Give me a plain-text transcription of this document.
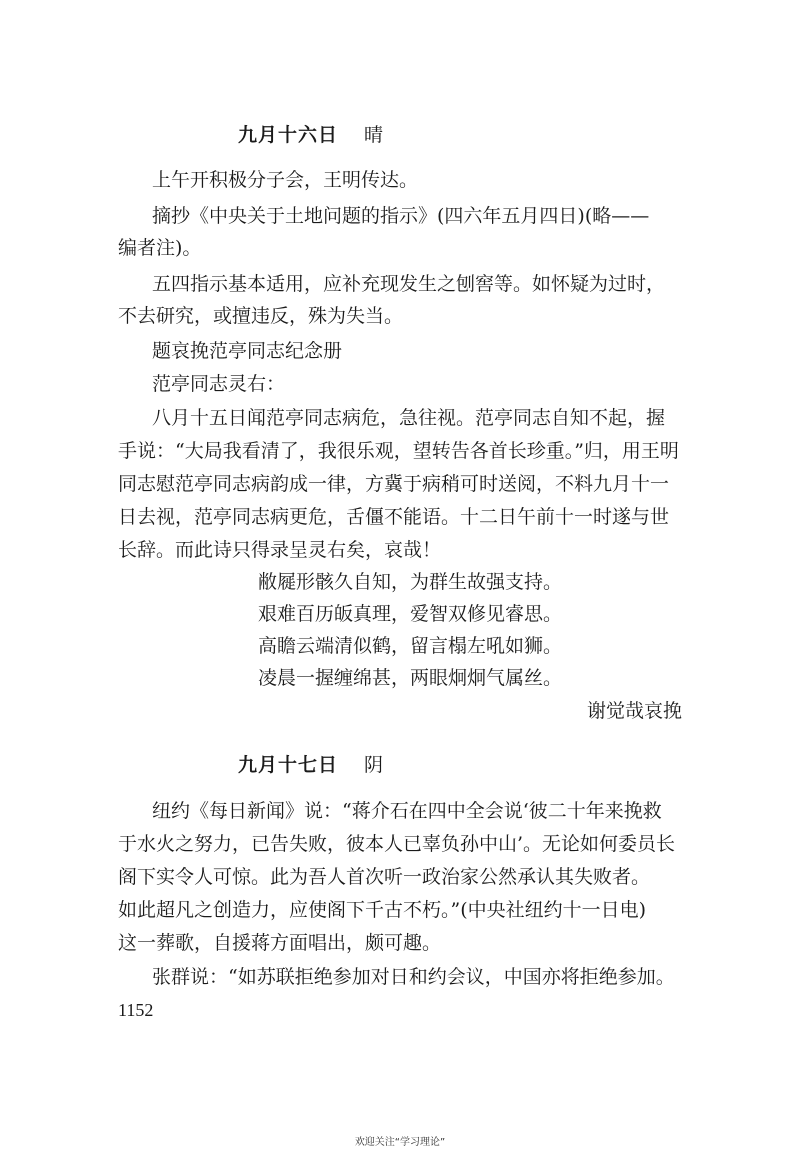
九月十六日 晴
上午开积极分子会，王明传达。
摘抄《中央关于土地问题的指示》(四六年五月四日)(略——
编者注)。
五四指示基本适用，应补充现发生之刨窖等。如怀疑为过时，
不去研究，或擅违反，殊为失当。
题哀挽范亭同志纪念册
范亭同志灵右：
八月十五日闻范亭同志病危，急往视。范亭同志自知不起，握
手说：“大局我看清了，我很乐观，望转告各首长珍重。”归，用王明
同志慰范亭同志病韵成一律，方冀于病稍可时送阅，不料九月十一
日去视，范亭同志病更危，舌僵不能语。十二日午前十一时遂与世
长辞。而此诗只得录呈灵右矣，哀哉！
敝屣形骸久自知，为群生故强支持。
艰难百历皈真理，爱智双修见睿思。
高瞻云端清似鹤，留言榻左吼如狮。
凌晨一握缠绵甚，两眼炯炯气属丝。
谢觉哉哀挽
九月十七日 阴
纽约《每日新闻》说：“蒋介石在四中全会说‘彼二十年来挽救
于水火之努力，已告失败，彼本人已辜负孙中山’。无论如何委员长
阁下实令人可惊。此为吾人首次听一政治家公然承认其失败者。
如此超凡之创造力，应使阁下千古不朽。”(中央社纽约十一日电)
这一葬歌，自援蒋方面唱出，颇可趣。
张群说：“如苏联拒绝参加对日和约会议，中国亦将拒绝参加。
1152
欢迎关注“学习理论”
